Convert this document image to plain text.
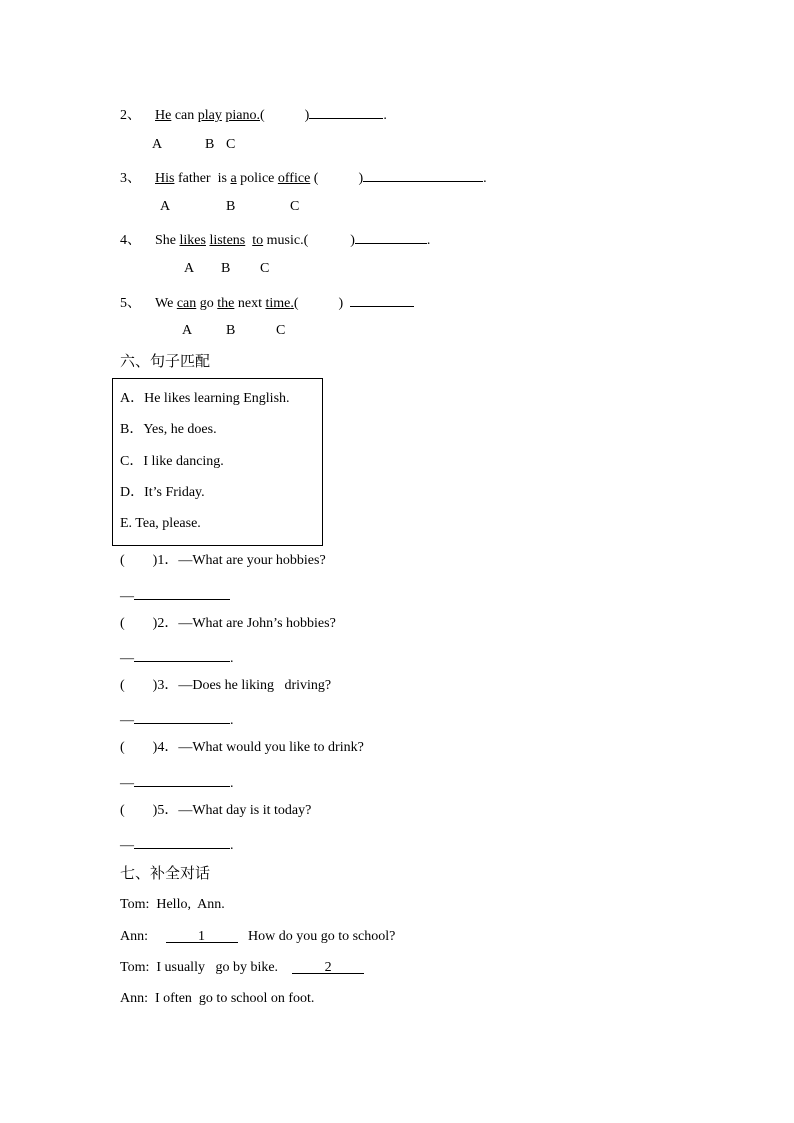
2、 He can play piano.(	)	.
A	B C
3、 His father is a police office (	)	.
A	B	C
4、 She likes listens to music.(	)	.
A B C
5、 We can go the next time.(	)
A B	C
六、句子匹配
A．He likes learning English.
B．Yes, he does.
C．I like dancing.
D．It’s Friday.
E. Tea, please.
(        )1．—What are your hobbies?
—
(        )2．—What are John’s hobbies?
—	.
(        )3．—Does he liking   driving?
—	.
(        )4．—What would you like to drink?
—	.
(        )5．—What day is it today?
—	.
七、补全对话
Tom:  Hello,  Ann.
Ann:	1	How do you go to school?
Tom:  I usually   go by bike.	2
Ann:  I often  go to school on foot.
